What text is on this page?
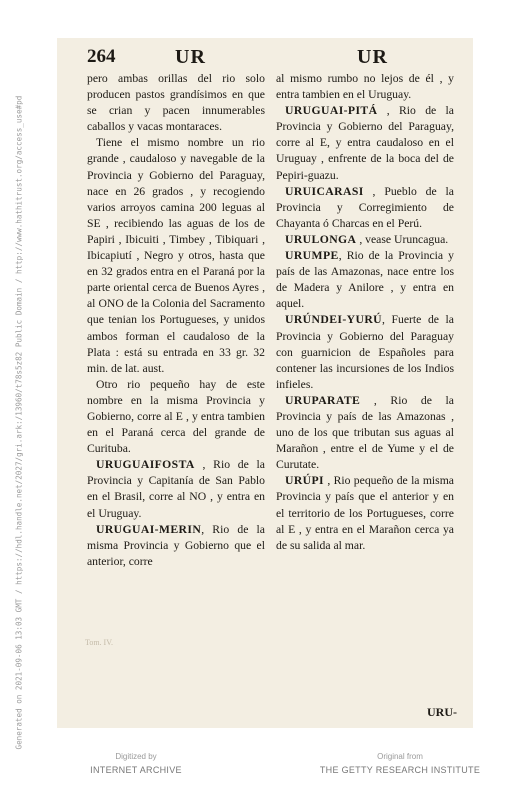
264	UR	UR

pero ambas orillas del rio solo producen pastos grandísimos en que se crian y pacen innumerables caballos y vacas montaraces.

Tiene el mismo nombre un rio grande , caudaloso y navegable de la Provincia y Gobierno del Paraguay, nace en 26 grados , y recogiendo varios arroyos camina 200 leguas al SE , recibiendo las aguas de los de Papiri , Ibicuiti , Timbey , Tibiquari , Ibicapiutí , Negro y otros, hasta que en 32 grados entra en el Paraná por la parte oriental cerca de Buenos Ayres , al ONO de la Colonia del Sacramento que tenian los Portugueses, y unidos ambos forman el caudaloso de la Plata : está su entrada en 33 gr. 32 min. de lat. aust.

Otro rio pequeño hay de este nombre en la misma Provincia y Gobierno, corre al E , y entra tambien en el Paraná cerca del grande de Curituba.

URUGUAIFOSTA , Rio de la Provincia y Capitanía de San Pablo en el Brasil, corre al NO , y entra en el Uruguay.

URUGUAI-MERIN, Rio de la misma Provincia y Gobierno que el anterior, corre

al mismo rumbo no lejos de él , y entra tambien en el Uruguay.

URUGUAI-PITÁ , Rio de la Provincia y Gobierno del Paraguay, corre al E, y entra caudaloso en el Uruguay , enfrente de la boca del de Pepiri-guazu.

URUICARASI , Pueblo de la Provincia y Corregimiento de Chayanta ó Charcas en el Perú.

URULONGA , vease Uruncagua.

URUMPE, Rio de la Provincia y país de las Amazonas, nace entre los de Madera y Anilore , y entra en aquel.

URÚNDEI-YURÚ, Fuerte de la Provincia y Gobierno del Paraguay con guarnicion de Españoles para contener las incursiones de los Indios infieles.

URUPARATE , Rio de la Provincia y país de las Amazonas , uno de los que tributan sus aguas al Marañon , entre el de Yume y el de Curutate.

URÚPI , Rio pequeño de la misma Provincia y país que el anterior y en el territorio de los Portugueses, corre al E , y entra en el Marañon cerca ya de su salida al mar.

Tom. IV.
URU-
Generated on 2021-09-06 13:03 GMT / https://hdl.handle.net/2027/gri.ark:/13960/t78s5z82 Public Domain / http://www.hathitrust.org/access_use#pd
Digitized by
INTERNET ARCHIVE
Original from
THE GETTY RESEARCH INSTITUTE
